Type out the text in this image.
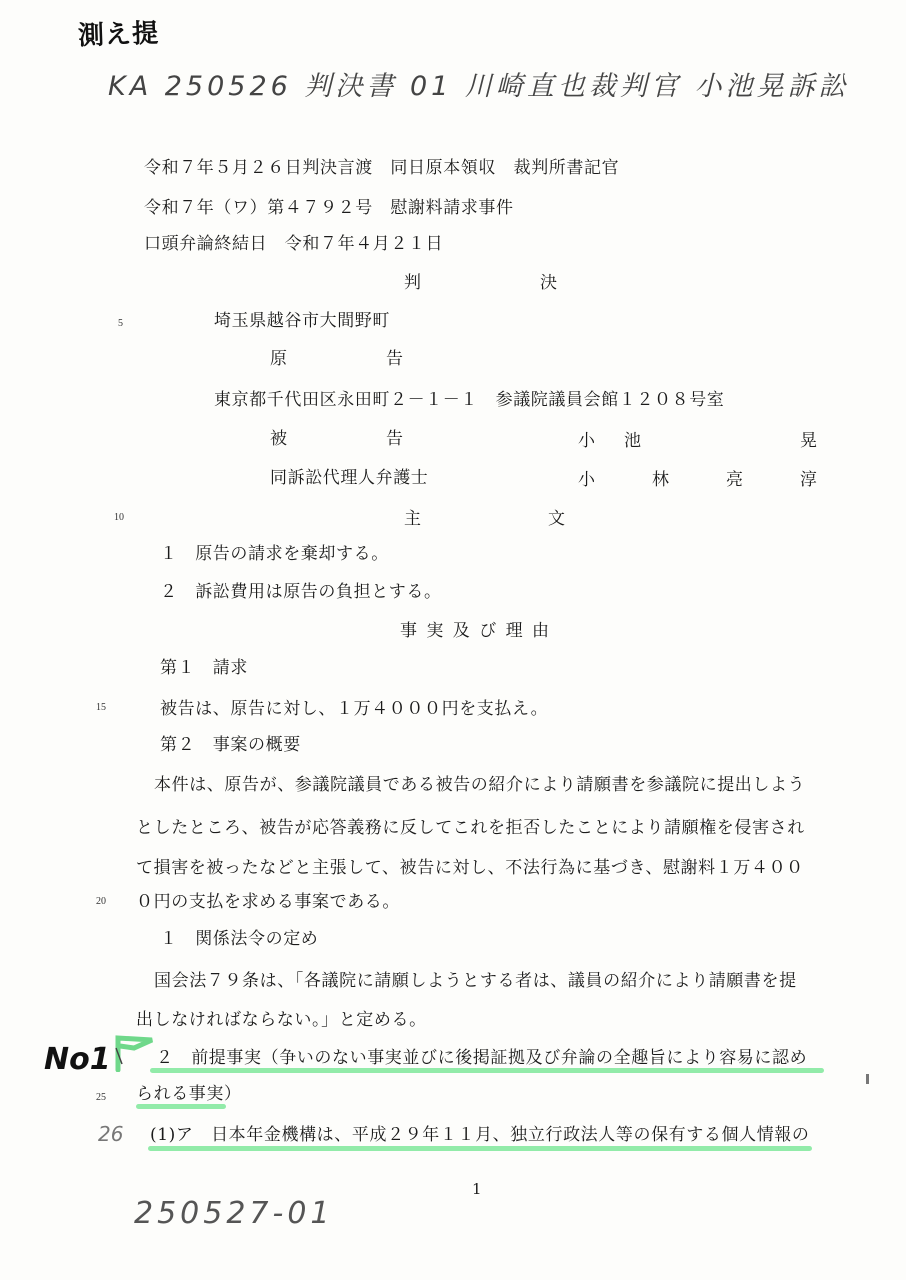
測え提
KA 250526 判決書 01 川崎直也裁判官 小池晃訴訟
No1
26
250527-01
令和７年５月２６日判決言渡　同日原本領収　裁判所書記官
令和７年（ワ）第４７９２号　慰謝料請求事件
口頭弁論終結日　令和７年４月２１日
判	決
埼玉県越谷市大間野町
原	告
東京都千代田区永田町２－１－１　参議院議員会館１２０８号室
被	告	小 池	晃
同訴訟代理人弁護士	小	林	亮	淳
主	文
１　原告の請求を棄却する。
２　訴訟費用は原告の負担とする。
事 実 及 び 理 由
第１　請求
被告は、原告に対し、１万４０００円を支払え。
第２　事案の概要
本件は、原告が、参議院議員である被告の紹介により請願書を参議院に提出しよう
としたところ、被告が応答義務に反してこれを拒否したことにより請願権を侵害され
て損害を被ったなどと主張して、被告に対し、不法行為に基づき、慰謝料１万４００
０円の支払を求める事案である。
１　関係法令の定め
国会法７９条は、「各議院に請願しようとする者は、議員の紹介により請願書を提
出しなければならない。」と定める。
２　前提事実（争いのない事実並びに後掲証拠及び弁論の全趣旨により容易に認め
られる事実）
(1)ア　日本年金機構は、平成２９年１１月、独立行政法人等の保有する個人情報の
5
10
15
20
25
1
